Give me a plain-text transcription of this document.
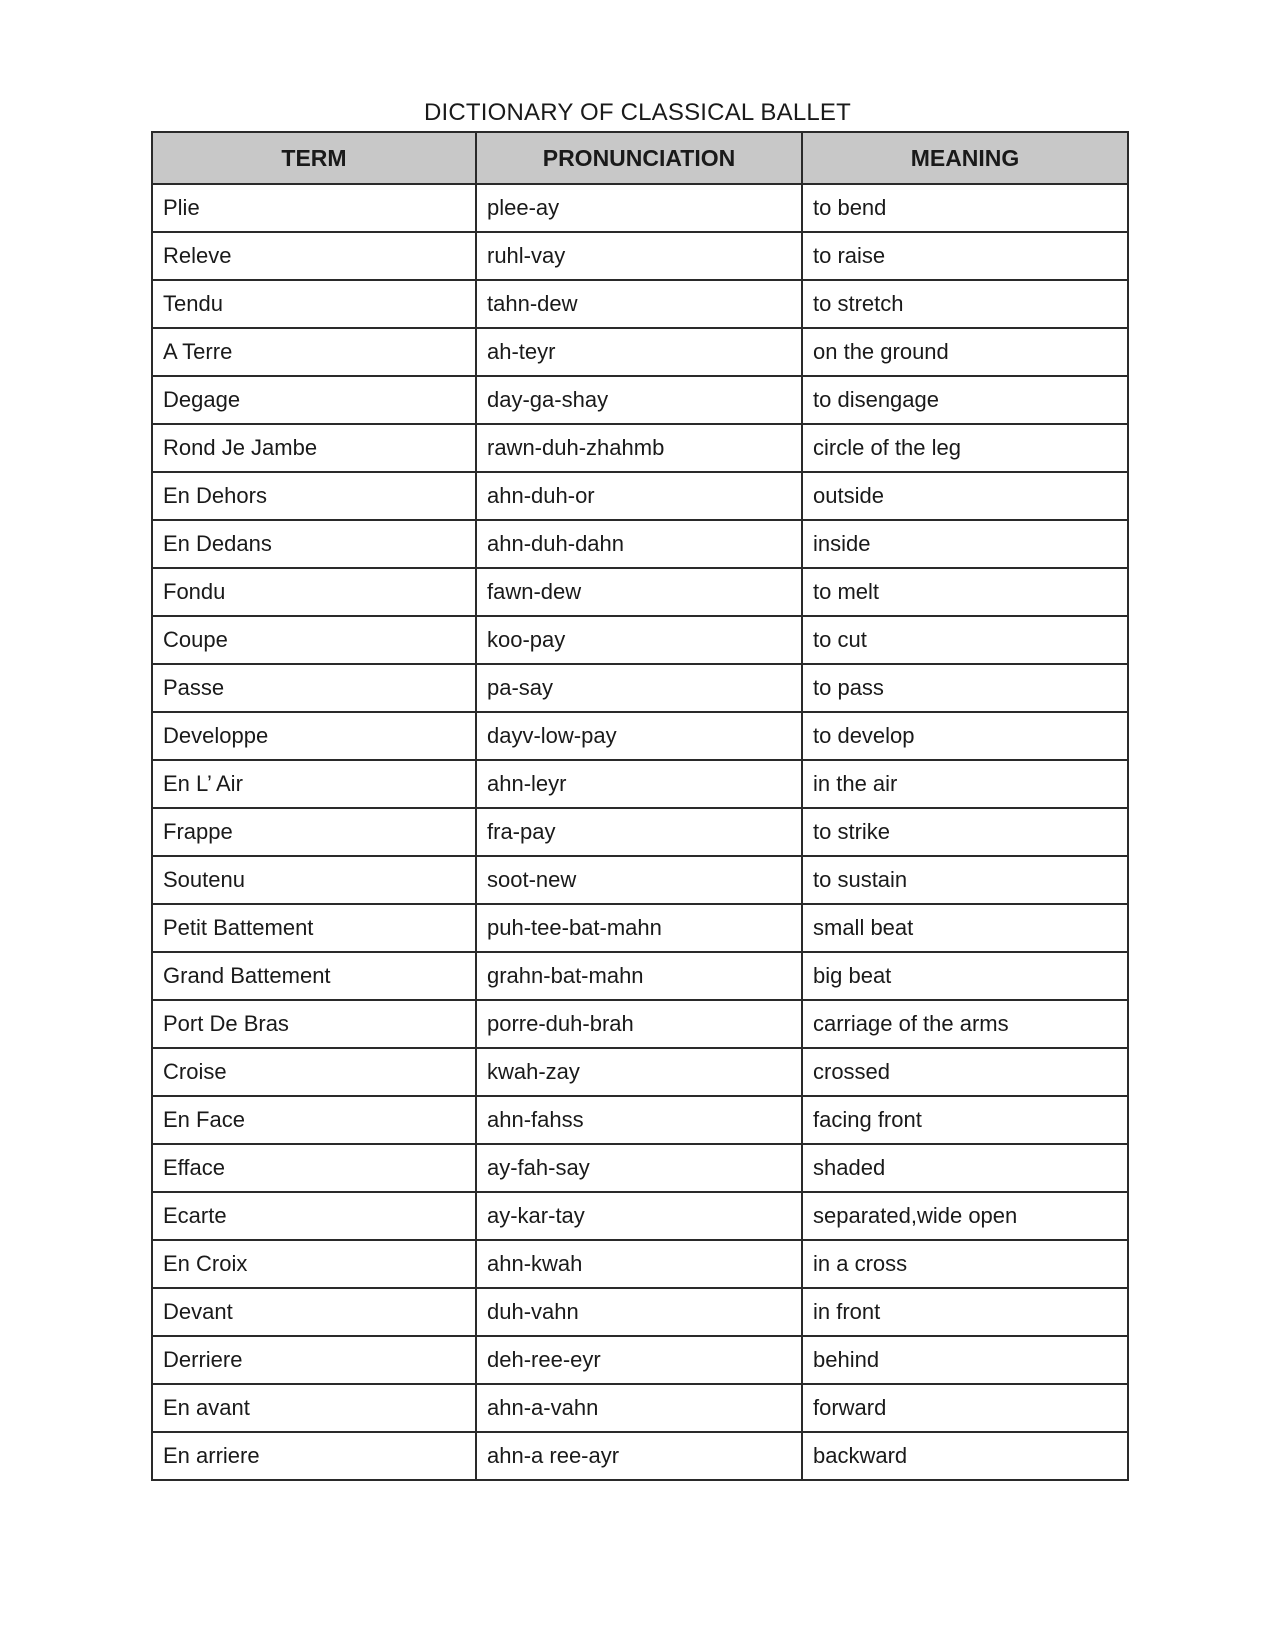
DICTIONARY OF CLASSICAL BALLET
TERM	PRONUNCIATION	MEANING
Plie	plee-ay	to bend
Releve	ruhl-vay	to raise
Tendu	tahn-dew	to stretch
A Terre	ah-teyr	on the ground
Degage	day-ga-shay	to disengage
Rond Je Jambe	rawn-duh-zhahmb	circle of the leg
En Dehors	ahn-duh-or	outside
En Dedans	ahn-duh-dahn	inside
Fondu	fawn-dew	to melt
Coupe	koo-pay	to cut
Passe	pa-say	to pass
Developpe	dayv-low-pay	to develop
En L’ Air	ahn-leyr	in the air
Frappe	fra-pay	to strike
Soutenu	soot-new	to sustain
Petit Battement	puh-tee-bat-mahn	small beat
Grand Battement	grahn-bat-mahn	big beat
Port De Bras	porre-duh-brah	carriage of the arms
Croise	kwah-zay	crossed
En Face	ahn-fahss	facing front
Efface	ay-fah-say	shaded
Ecarte	ay-kar-tay	separated,wide open
En Croix	ahn-kwah	in a cross
Devant	duh-vahn	in front
Derriere	deh-ree-eyr	behind
En avant	ahn-a-vahn	forward
En arriere	ahn-a ree-ayr	backward
